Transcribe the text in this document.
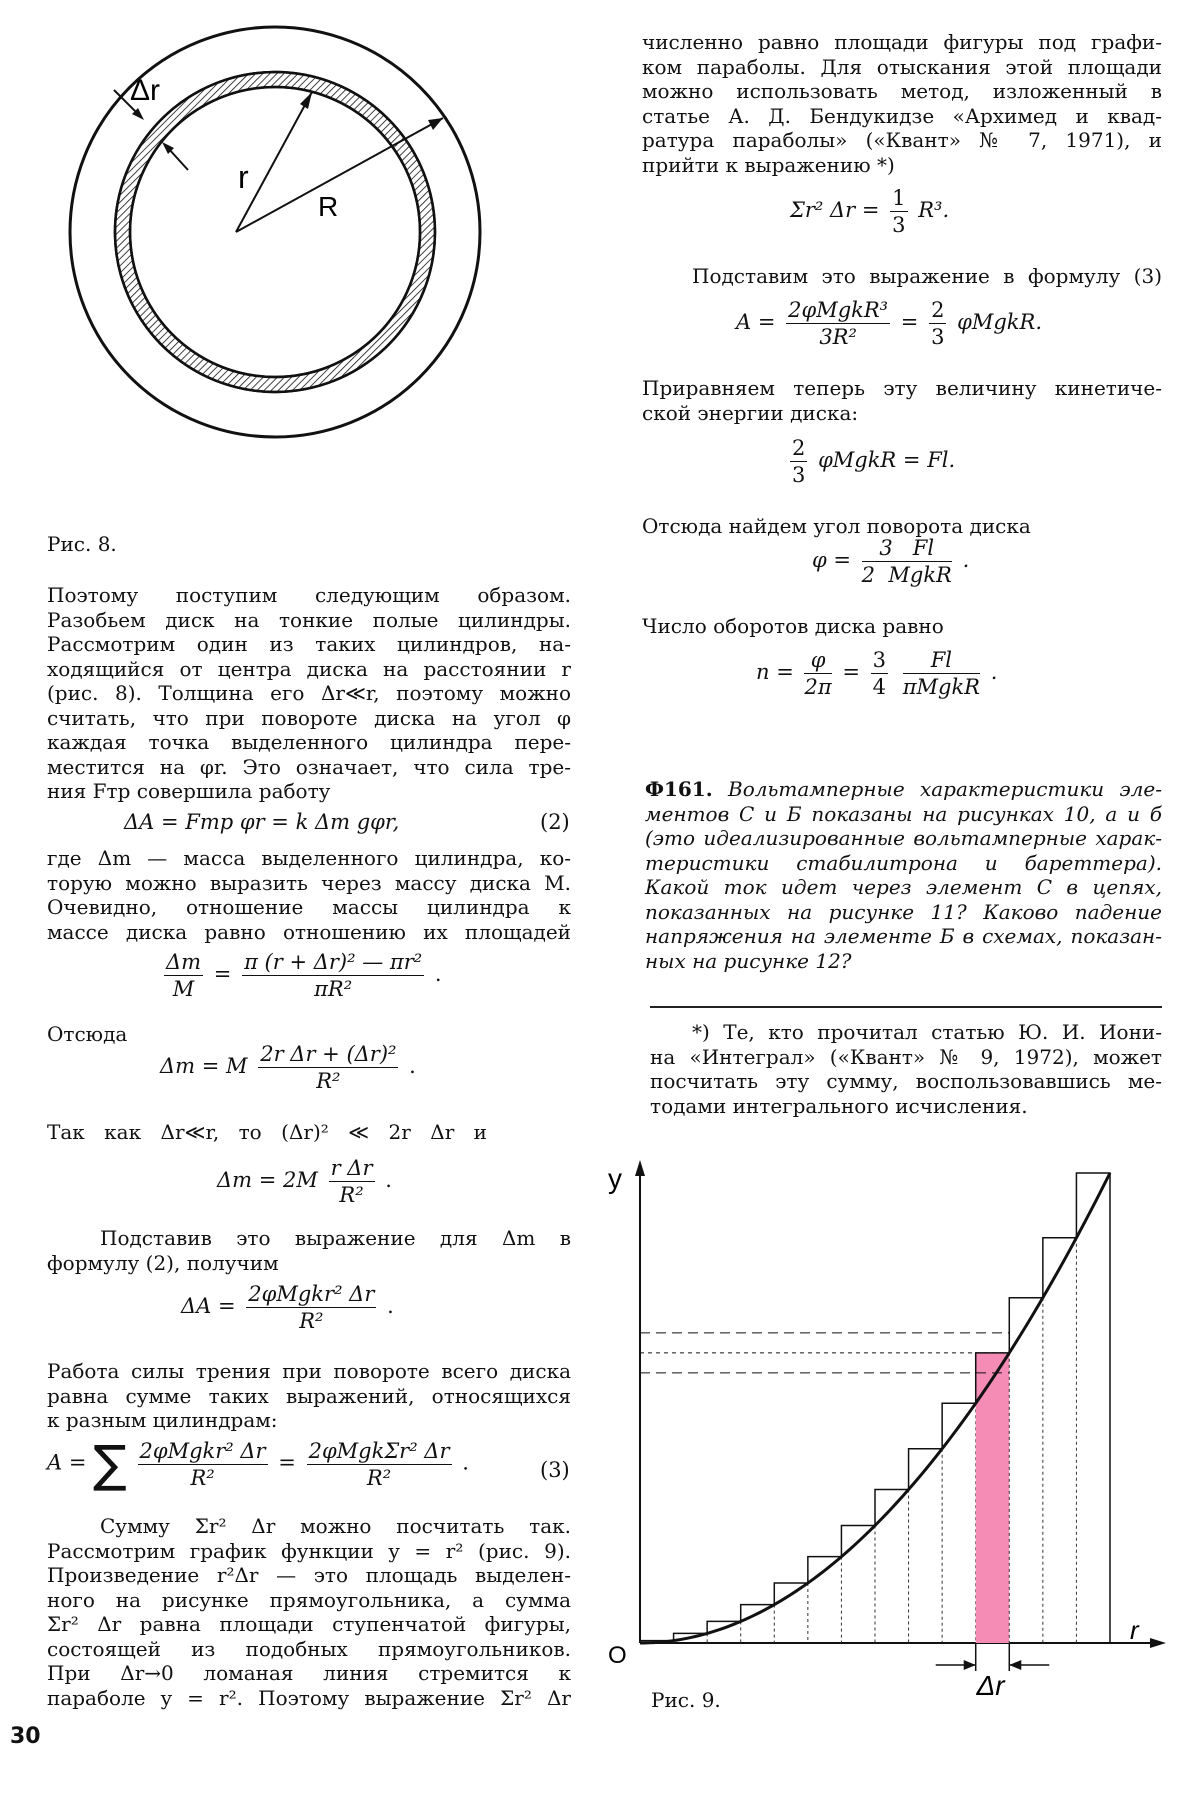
Δr
r
R
Рис. 8.

Поэтому поступим следующим образом.
Разобьем диск на тонкие полые цилиндры.
Рассмотрим один из таких цилиндров, на-
ходящийся от центра диска на расстоянии r
(рис. 8). Толщина его Δr≪r, поэтому можно
считать, что при повороте диска на угол φ
каждая точка выделенного цилиндра пере-
местится на φr. Это означает, что сила тре-
ния Fтр совершила работу

ΔA = Fтр φr = k Δm gφr,	(2)

где Δm — масса выделенного цилиндра, ко-
торую можно выразить через массу диска M.
Очевидно, отношение массы цилиндра к
массе диска равно отношению их площадей

$\frac{\Delta m}{M} = \frac{\text{π (r + Δr)² — πr²}}{\text{πR²}}$ .
Отсюда
Δm = M $\frac{\text{2r Δr + (Δr)²}}{\text{R²}}$ .

Так как Δr≪r, то (Δr)² ≪ 2r Δr и

$\Delta m = 2M \frac{\text{r Δr}}{\text{R²}}$ .

Подставив это выражение для Δm в
формулу (2), получим

$\Delta A = \frac{\text{2φMgkr² Δr}}{\text{R²}}$ .

Работа силы трения при повороте всего диска
равна сумме таких выражений, относящихся
к разным цилиндрам:

A = ∑ $\frac{\text{2φMgkr² Δr}}{\text{R²}} = \frac{\text{2φMgkΣr² Δr}}{\text{R²}}$ .	(3)

Сумму Σr² Δr можно посчитать так.
Рассмотрим график функции y = r² (рис. 9).
Произведение r²Δr — это площадь выделен-
ного на рисунке прямоугольника, а сумма
Σr² Δr равна площади ступенчатой фигуры,
состоящей из подобных прямоугольников.
При Δr→0 ломаная линия стремится к
параболе y = r². Поэтому выражение Σr² Δr

численно равно площади фигуры под графи-
ком параболы. Для отыскания этой площади
можно использовать метод, изложенный в
статье А. Д. Бендукидзе «Архимед и квад-
ратура параболы» («Квант» № 7, 1971), и
прийти к выражению *)

Σr² $\Delta r = \frac{1}{3} R^3$.

Подставим это выражение в формулу (3)

$A = \frac{\text{2φMgkR³}}{\text{3R²}} = \frac{2}{3}$ φMgkR.

Приравняем теперь эту величину кинетиче-
ской энергии диска:

$\frac{2}{3}$ φMgkR = Fl.

Отсюда найдем угол поворота диска

$\varphi = \frac{3 Fl}{\text{2  MgkR}}$ .

Число оборотов диска равно

$n = \frac{\varphi}{2\pi} = \frac{3}{4}$
$\frac{Fl}{\text{πMgkR}}$ .

Ф161. Вольтамперные характеристики эле-
ментов С и Б показаны на рисунках 10, а и б
(это идеализированные вольтамперные харак-
теристики стабилитрона и бареттера).
Какой ток идет через элемент С в цепях,
показанных на рисунке 11? Каково падение
напряжения на элементе Б в схемах, показан-
ных на рисунке 12?

*) Те, кто прочитал статью Ю. И. Иони-
на «Интеграл» («Квант» № 9, 1972), может
посчитать эту сумму, воспользовавшись ме-
тодами интегрального исчисления.

Δr
O
y
r
Рис. 9.
30
